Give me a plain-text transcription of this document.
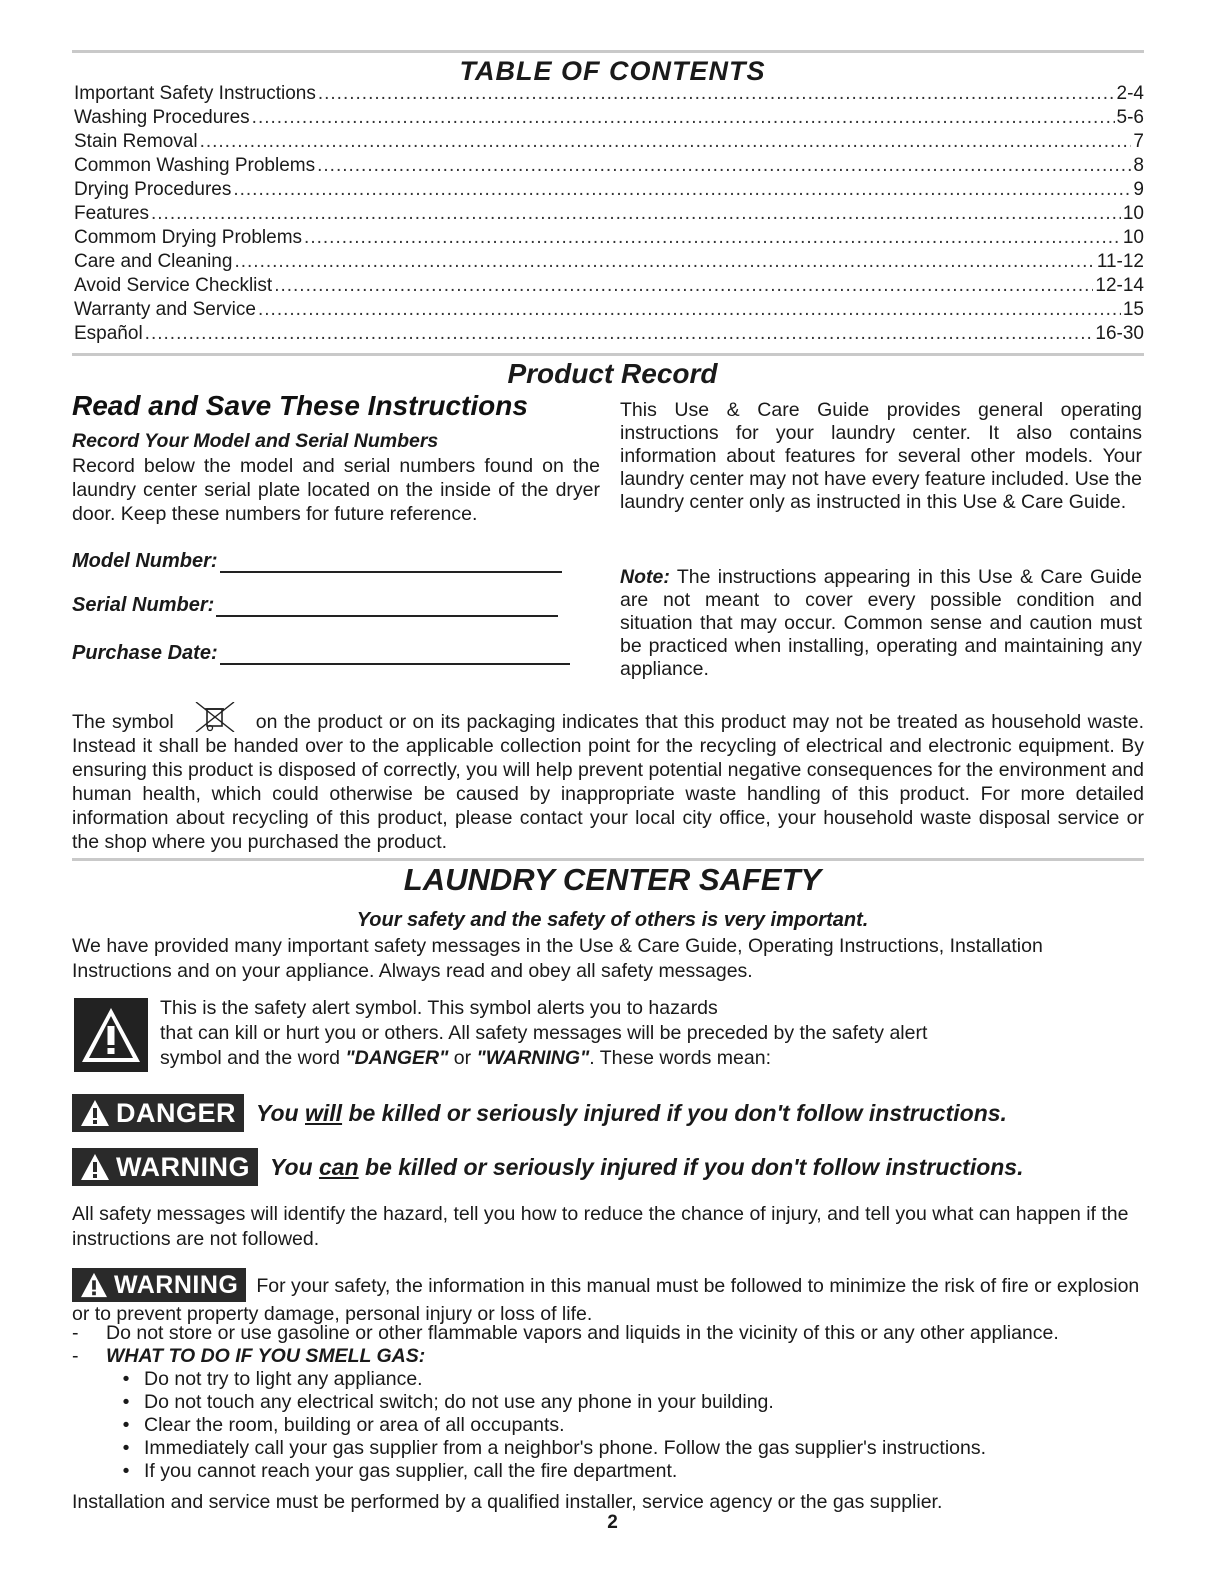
TABLE OF CONTENTS
Important Safety Instructions .....	2-4
Washing Procedures .....	5-6
Stain Removal .....	7
Common Washing Problems .....	8
Drying Procedures .....	9
Features .....	10
Commom Drying Problems .....	10
Care and Cleaning .....	11-12
Avoid Service Checklist .....	12-14
Warranty and Service .....	15
Español .....	16-30
Product Record
Read and Save These Instructions
Record Your Model and Serial Numbers
Record below the model and serial numbers found on the laundry center serial plate located on the inside of the dryer door. Keep these numbers for future reference.
Model Number:
Serial Number:
Purchase Date:
This Use & Care Guide provides general operating instructions for your laundry center. It also contains information about features for several other models. Your laundry center may not have every feature included. Use the laundry center only as instructed in this Use & Care Guide.
Note: The instructions appearing in this Use & Care Guide are not meant to cover every possible condition and situation that may occur. Common sense and caution must be practiced when installing, operating and maintaining any appliance.
The symbol	on the product or on its packaging indicates that this product may not be treated as household waste. Instead it shall be handed over to the applicable collection point for the recycling of electrical and electronic equipment. By ensuring this product is disposed of correctly, you will help prevent potential negative consequences for the environment and human health, which could otherwise be caused by inappropriate waste handling of this product. For more detailed information about recycling of this product, please contact your local city office, your household waste disposal service or the shop where you purchased the product.
LAUNDRY CENTER SAFETY
Your safety and the safety of others is very important.
We have provided many important safety messages in the Use & Care Guide, Operating Instructions, Installation Instructions and on your appliance. Always read and obey all safety messages.
This is the safety alert symbol. This symbol alerts you to hazards
that can kill or hurt you or others. All safety messages will be preceded by the safety alert
symbol and the word "DANGER" or "WARNING". These words mean:
DANGER You will be killed or seriously injured if you don't follow instructions.
WARNING You can be killed or seriously injured if you don't follow instructions.
All safety messages will identify the hazard, tell you how to reduce the chance of injury, and tell you what can happen if the instructions are not followed.
WARNING For your safety, the information in this manual must be followed to minimize the risk of fire or explosion or to prevent property damage, personal injury or loss of life.
-	Do not store or use gasoline or other flammable vapors and liquids in the vicinity of this or any other appliance.
-	WHAT TO DO IF YOU SMELL GAS:
• Do not try to light any appliance.
• Do not touch any electrical switch; do not use any phone in your building.
• Clear the room, building or area of all occupants.
• Immediately call your gas supplier from a neighbor's phone. Follow the gas supplier's instructions.
• If you cannot reach your gas supplier, call the fire department.
Installation and service must be performed by a qualified installer, service agency or the gas supplier.
2
